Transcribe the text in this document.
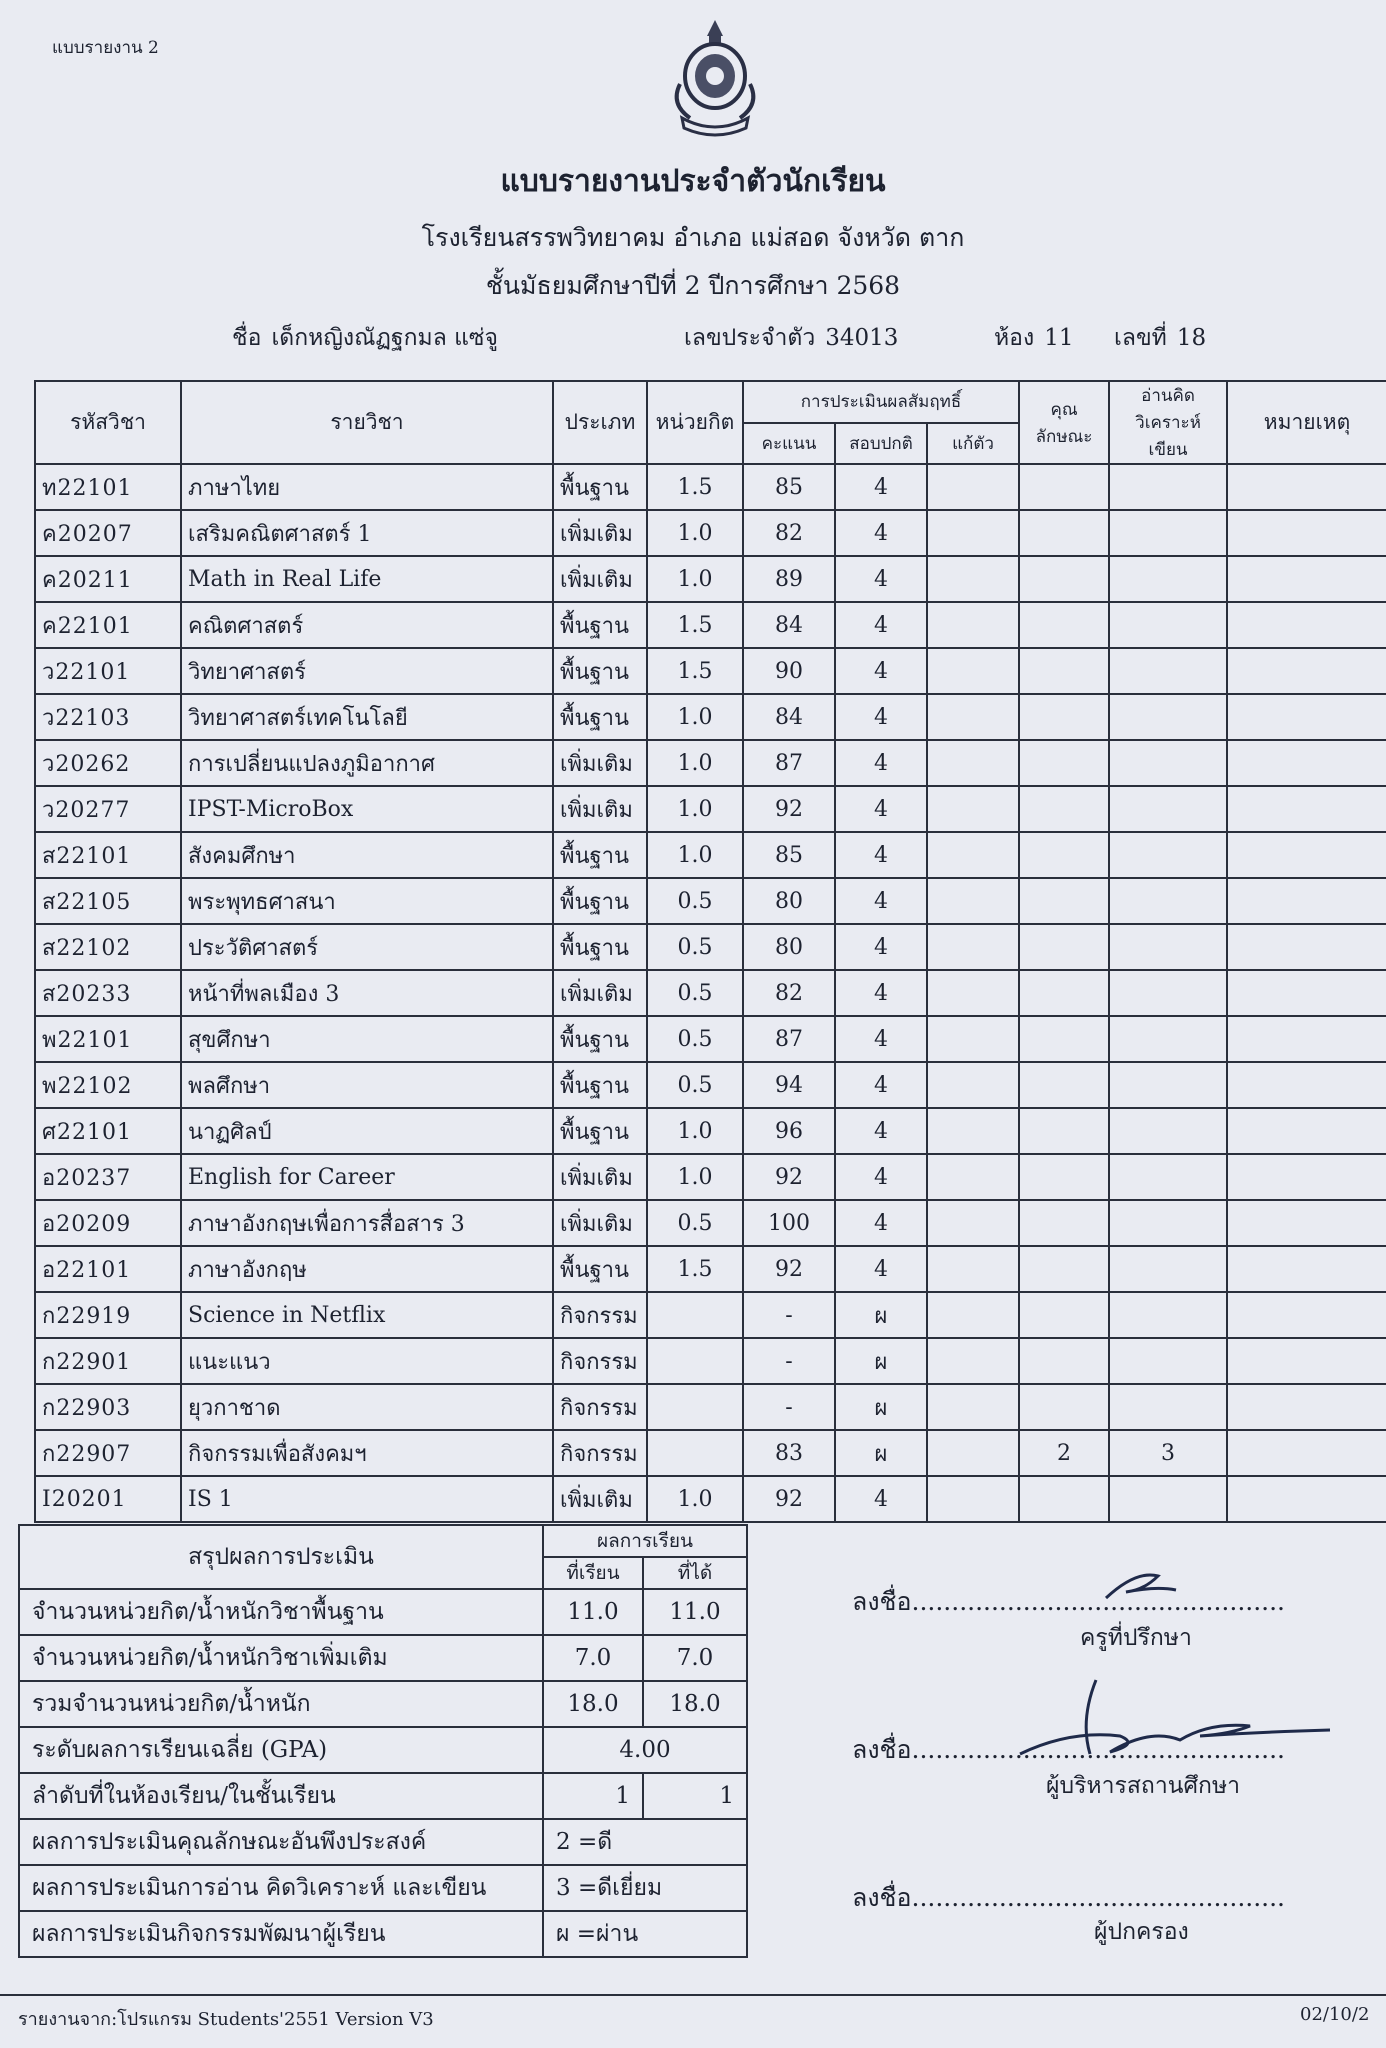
แบบรายงาน 2
แบบรายงานประจำตัวนักเรียน
โรงเรียนสรรพวิทยาคม อำเภอ แม่สอด จังหวัด ตาก
ชั้นมัธยมศึกษาปีที่ 2 ปีการศึกษา 2568
ชื่อ เด็กหญิงณัฏฐกมล แซ่จู	เลขประจำตัว 34013	ห้อง 11 เลขที่ 18
รหัสวิชา	รายวิชา	ประเภท	หน่วยกิต	การประเมินผลสัมฤทธิ์			คุณ ลักษณะ	อ่านคิด วิเคราะห์เขียน	หมายเหตุ
				คะแนน	สอบปกติ	แก้ตัว			
ท22101	ภาษาไทย	พื้นฐาน	1.5	85	4				
ค20207	เสริมคณิตศาสตร์ 1	เพิ่มเติม	1.0	82	4				
ค20211	Math in Real Life	เพิ่มเติม	1.0	89	4				
ค22101	คณิตศาสตร์	พื้นฐาน	1.5	84	4				
ว22101	วิทยาศาสตร์	พื้นฐาน	1.5	90	4				
ว22103	วิทยาศาสตร์เทคโนโลยี	พื้นฐาน	1.0	84	4				
ว20262	การเปลี่ยนแปลงภูมิอากาศ	เพิ่มเติม	1.0	87	4				
ว20277	IPST-MicroBox	เพิ่มเติม	1.0	92	4				
ส22101	สังคมศึกษา	พื้นฐาน	1.0	85	4				
ส22105	พระพุทธศาสนา	พื้นฐาน	0.5	80	4				
ส22102	ประวัติศาสตร์	พื้นฐาน	0.5	80	4				
ส20233	หน้าที่พลเมือง 3	เพิ่มเติม	0.5	82	4				
พ22101	สุขศึกษา	พื้นฐาน	0.5	87	4				
พ22102	พลศึกษา	พื้นฐาน	0.5	94	4				
ศ22101	นาฏศิลป์	พื้นฐาน	1.0	96	4				
อ20237	English for Career	เพิ่มเติม	1.0	92	4				
อ20209	ภาษาอังกฤษเพื่อการสื่อสาร 3	เพิ่มเติม	0.5	100	4				
อ22101	ภาษาอังกฤษ	พื้นฐาน	1.5	92	4				
ก22919	Science in Netflix	กิจกรรม		-	ผ				
ก22901	แนะแนว	กิจกรรม		-	ผ				
ก22903	ยุวกาชาด	กิจกรรม		-	ผ				
ก22907	กิจกรรมเพื่อสังคมฯ	กิจกรรม		83	ผ		2	3	
I20201	IS 1	เพิ่มเติม	1.0	92	4				
สรุปผลการประเมิน	ผลการเรียน	
	ที่เรียน	ที่ได้
จำนวนหน่วยกิต/น้ำหนักวิชาพื้นฐาน	11.0	11.0
จำนวนหน่วยกิต/น้ำหนักวิชาเพิ่มเติม	7.0	7.0
รวมจำนวนหน่วยกิต/น้ำหนัก	18.0	18.0
ระดับผลการเรียนเฉลี่ย (GPA)	4.00	
ลำดับที่ในห้องเรียน/ในชั้นเรียน	1	1
ผลการประเมินคุณลักษณะอันพึงประสงค์	2 =ดี	
ผลการประเมินการอ่าน คิดวิเคราะห์ และเขียน	3 =ดีเยี่ยม	
ผลการประเมินกิจกรรมพัฒนาผู้เรียน	ผ =ผ่าน	
ลงชื่อ...............................................
ครูที่ปรึกษา
ลงชื่อ...............................................
ผู้บริหารสถานศึกษา
ลงชื่อ...............................................
ผู้ปกครอง
รายงานจาก:โปรแกรม Students'2551 Version V3	02/10/2
